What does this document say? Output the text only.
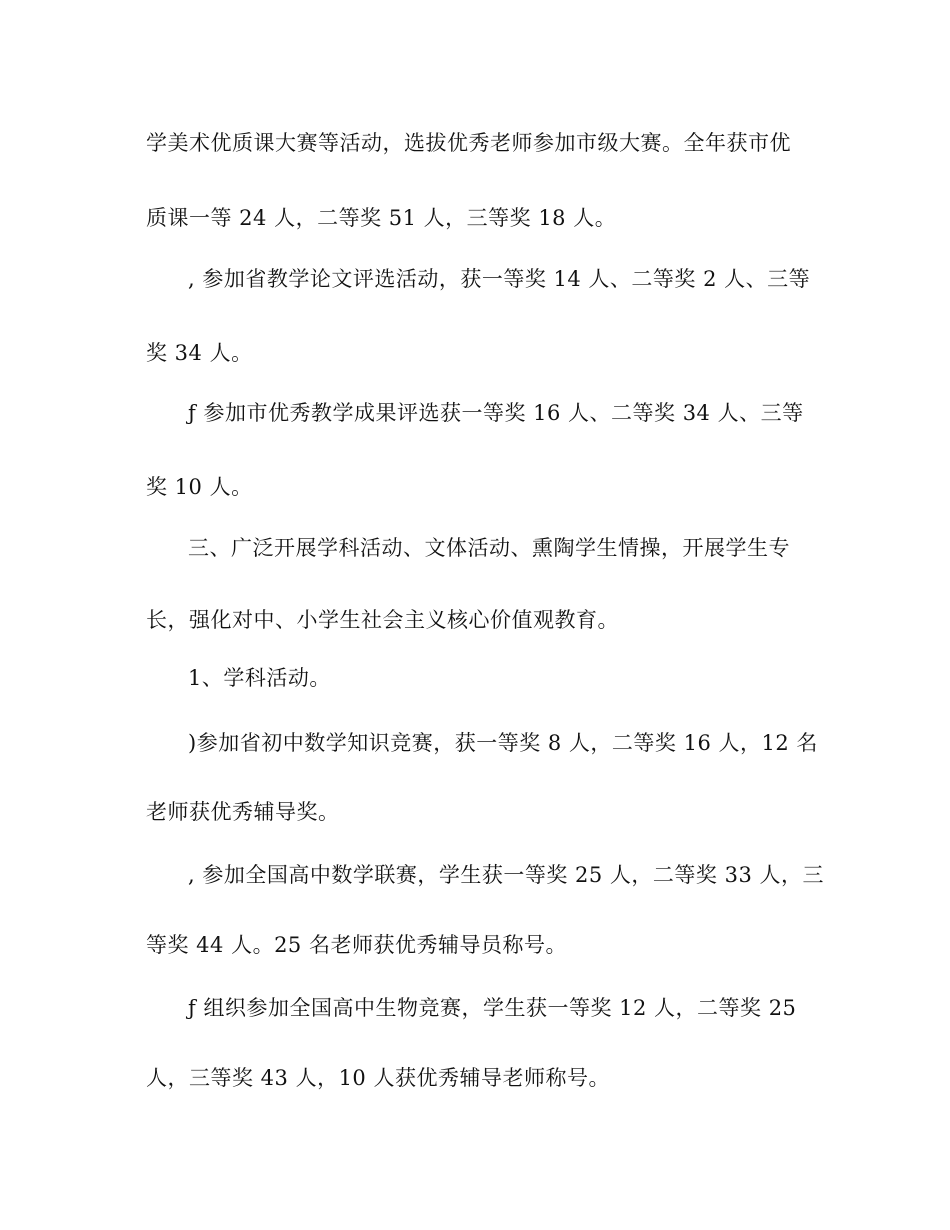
学美术优质课大赛等活动，选拔优秀老师参加市级大赛。全年获市优
质课一等 24 人，二等奖 51 人，三等奖 18 人。
, 参加省教学论文评选活动，获一等奖 14 人、二等奖 2 人、三等
奖 34 人。
ƒ 参加市优秀教学成果评选获一等奖 16 人、二等奖 34 人、三等
奖 10 人。
三、广泛开展学科活动、文体活动、熏陶学生情操，开展学生专
长，强化对中、小学生社会主义核心价值观教育。
1、学科活动。
)参加省初中数学知识竞赛，获一等奖 8 人，二等奖 16 人，12 名
老师获优秀辅导奖。
, 参加全国高中数学联赛，学生获一等奖 25 人，二等奖 33 人，三
等奖 44 人。25 名老师获优秀辅导员称号。
ƒ 组织参加全国高中生物竞赛，学生获一等奖 12 人，二等奖 25
人，三等奖 43 人，10 人获优秀辅导老师称号。
